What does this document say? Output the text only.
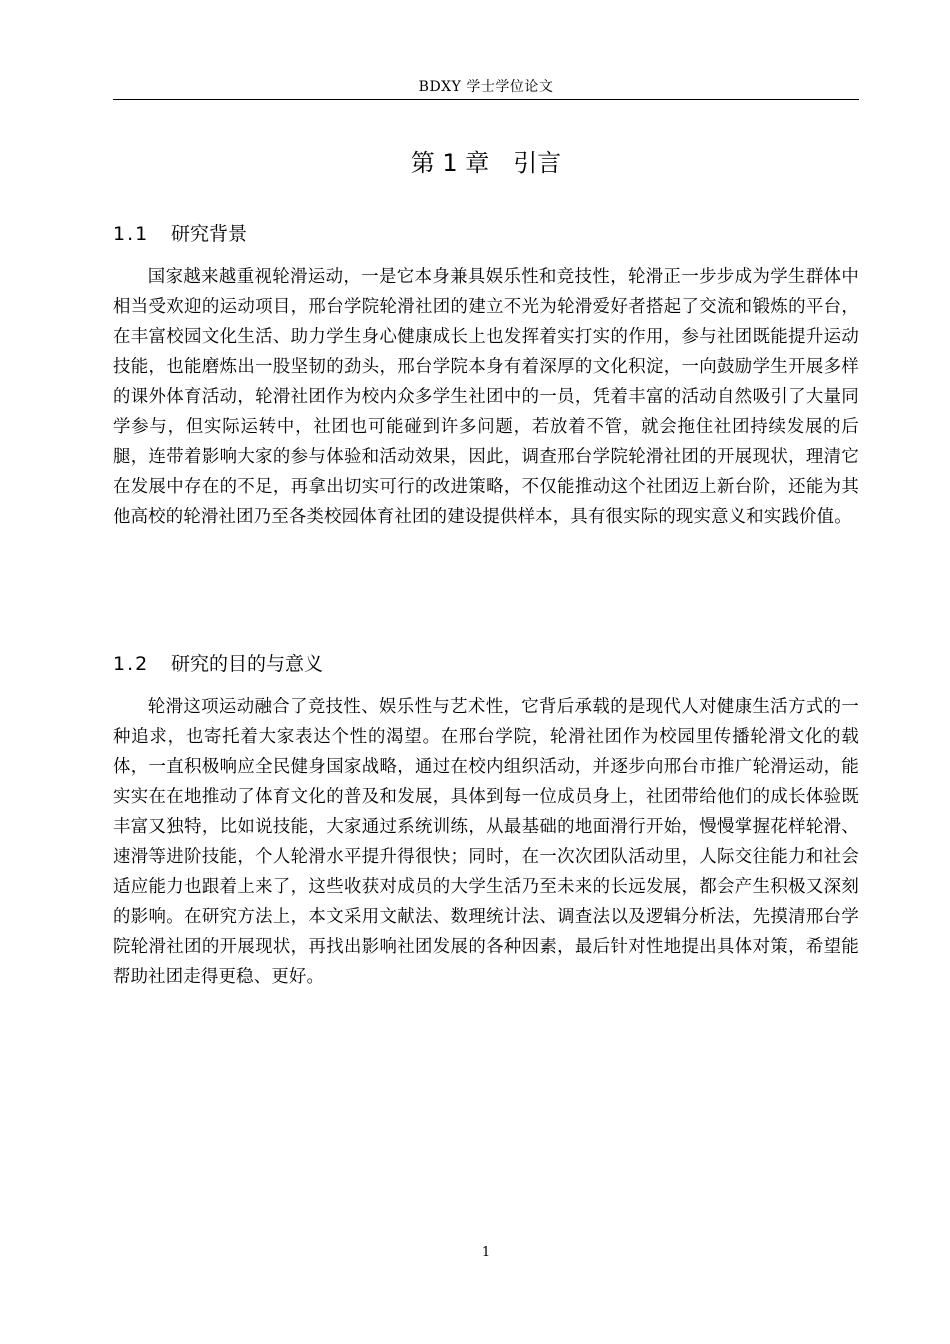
BDXY 学士学位论文
第 1 章 引言
1.1 研究背景

国家越来越重视轮滑运动，一是它本身兼具娱乐性和竞技性，轮滑正一步步成为学生群体中相当受欢迎的运动项目，邢台学院轮滑社团的建立不光为轮滑爱好者搭起了交流和锻炼的平台，在丰富校园文化生活、助力学生身心健康成长上也发挥着实打实的作用，参与社团既能提升运动技能，也能磨炼出一股坚韧的劲头，邢台学院本身有着深厚的文化积淀，一向鼓励学生开展多样的课外体育活动，轮滑社团作为校内众多学生社团中的一员，凭着丰富的活动自然吸引了大量同学参与，但实际运转中，社团也可能碰到许多问题，若放着不管，就会拖住社团持续发展的后腿，连带着影响大家的参与体验和活动效果，因此，调查邢台学院轮滑社团的开展现状，理清它在发展中存在的不足，再拿出切实可行的改进策略，不仅能推动这个社团迈上新台阶，还能为其他高校的轮滑社团乃至各类校园体育社团的建设提供样本，具有很实际的现实意义和实践价值。

1.2 研究的目的与意义

轮滑这项运动融合了竞技性、娱乐性与艺术性，它背后承载的是现代人对健康生活方式的一种追求，也寄托着大家表达个性的渴望。在邢台学院，轮滑社团作为校园里传播轮滑文化的载体，一直积极响应全民健身国家战略，通过在校内组织活动，并逐步向邢台市推广轮滑运动，能实实在在地推动了体育文化的普及和发展，具体到每一位成员身上，社团带给他们的成长体验既丰富又独特，比如说技能，大家通过系统训练，从最基础的地面滑行开始，慢慢掌握花样轮滑、速滑等进阶技能，个人轮滑水平提升得很快；同时，在一次次团队活动里，人际交往能力和社会适应能力也跟着上来了，这些收获对成员的大学生活乃至未来的长远发展，都会产生积极又深刻的影响。在研究方法上，本文采用文献法、数理统计法、调查法以及逻辑分析法，先摸清邢台学院轮滑社团的开展现状，再找出影响社团发展的各种因素，最后针对性地提出具体对策，希望能帮助社团走得更稳、更好。

1
